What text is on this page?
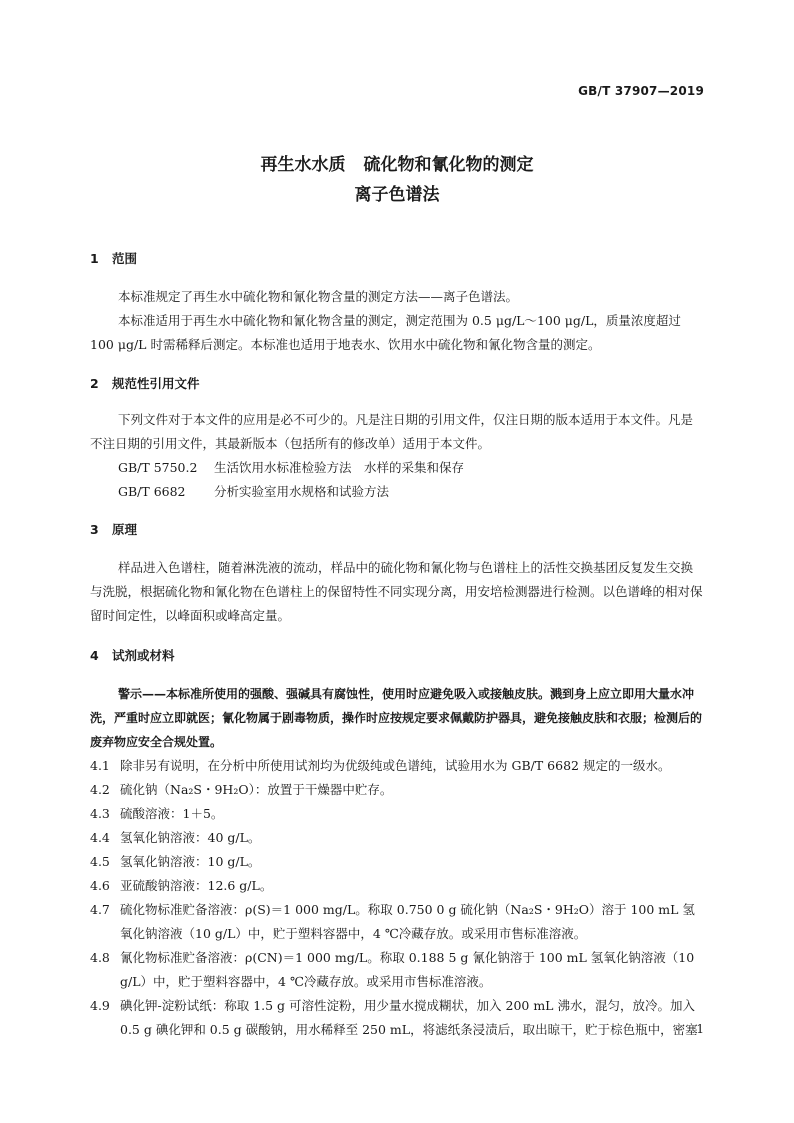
GB/T 37907—2019
再生水水质 硫化物和氰化物的测定
离子色谱法
1 范围

本标准规定了再生水中硫化物和氰化物含量的测定方法——离子色谱法。

本标准适用于再生水中硫化物和氰化物含量的测定，测定范围为 0.5 μg/L～100 μg/L，质量浓度超过 100 μg/L 时需稀释后测定。本标准也适用于地表水、饮用水中硫化物和氰化物含量的测定。

2 规范性引用文件

下列文件对于本文件的应用是必不可少的。凡是注日期的引用文件，仅注日期的版本适用于本文件。凡是不注日期的引用文件，其最新版本（包括所有的修改单）适用于本文件。

GB/T 5750.2 生活饮用水标准检验方法　水样的采集和保存

GB/T 6682 分析实验室用水规格和试验方法

3 原理

样品进入色谱柱，随着淋洗液的流动，样品中的硫化物和氰化物与色谱柱上的活性交换基团反复发生交换与洗脱，根据硫化物和氰化物在色谱柱上的保留特性不同实现分离，用安培检测器进行检测。以色谱峰的相对保留时间定性，以峰面积或峰高定量。

4 试剂或材料

警示——本标准所使用的强酸、强碱具有腐蚀性，使用时应避免吸入或接触皮肤。溅到身上应立即用大量水冲洗，严重时应立即就医；氰化物属于剧毒物质，操作时应按规定要求佩戴防护器具，避免接触皮肤和衣服；检测后的废弃物应安全合规处置。

4.1 除非另有说明，在分析中所使用试剂均为优级纯或色谱纯，试验用水为 GB/T 6682 规定的一级水。
4.2 硫化钠（Na₂S・9H₂O）：放置于干燥器中贮存。
4.3 硫酸溶液：1＋5。
4.4 氢氧化钠溶液：40 g/L。
4.5 氢氧化钠溶液：10 g/L。
4.6 亚硫酸钠溶液：12.6 g/L。
4.7 硫化物标准贮备溶液：ρ(S)＝1 000 mg/L。称取 0.750 0 g 硫化钠（Na₂S・9H₂O）溶于 100 mL 氢氧化钠溶液（10 g/L）中，贮于塑料容器中，4 ℃冷藏存放。或采用市售标准溶液。
4.8 氰化物标准贮备溶液：ρ(CN)＝1 000 mg/L。称取 0.188 5 g 氰化钠溶于 100 mL 氢氧化钠溶液（10 g/L）中，贮于塑料容器中，4 ℃冷藏存放。或采用市售标准溶液。
4.9 碘化钾-淀粉试纸：称取 1.5 g 可溶性淀粉，用少量水搅成糊状，加入 200 mL 沸水，混匀，放冷。加入 0.5 g 碘化钾和 0.5 g 碳酸钠，用水稀释至 250 mL，将滤纸条浸渍后，取出晾干，贮于棕色瓶中，密塞
1
